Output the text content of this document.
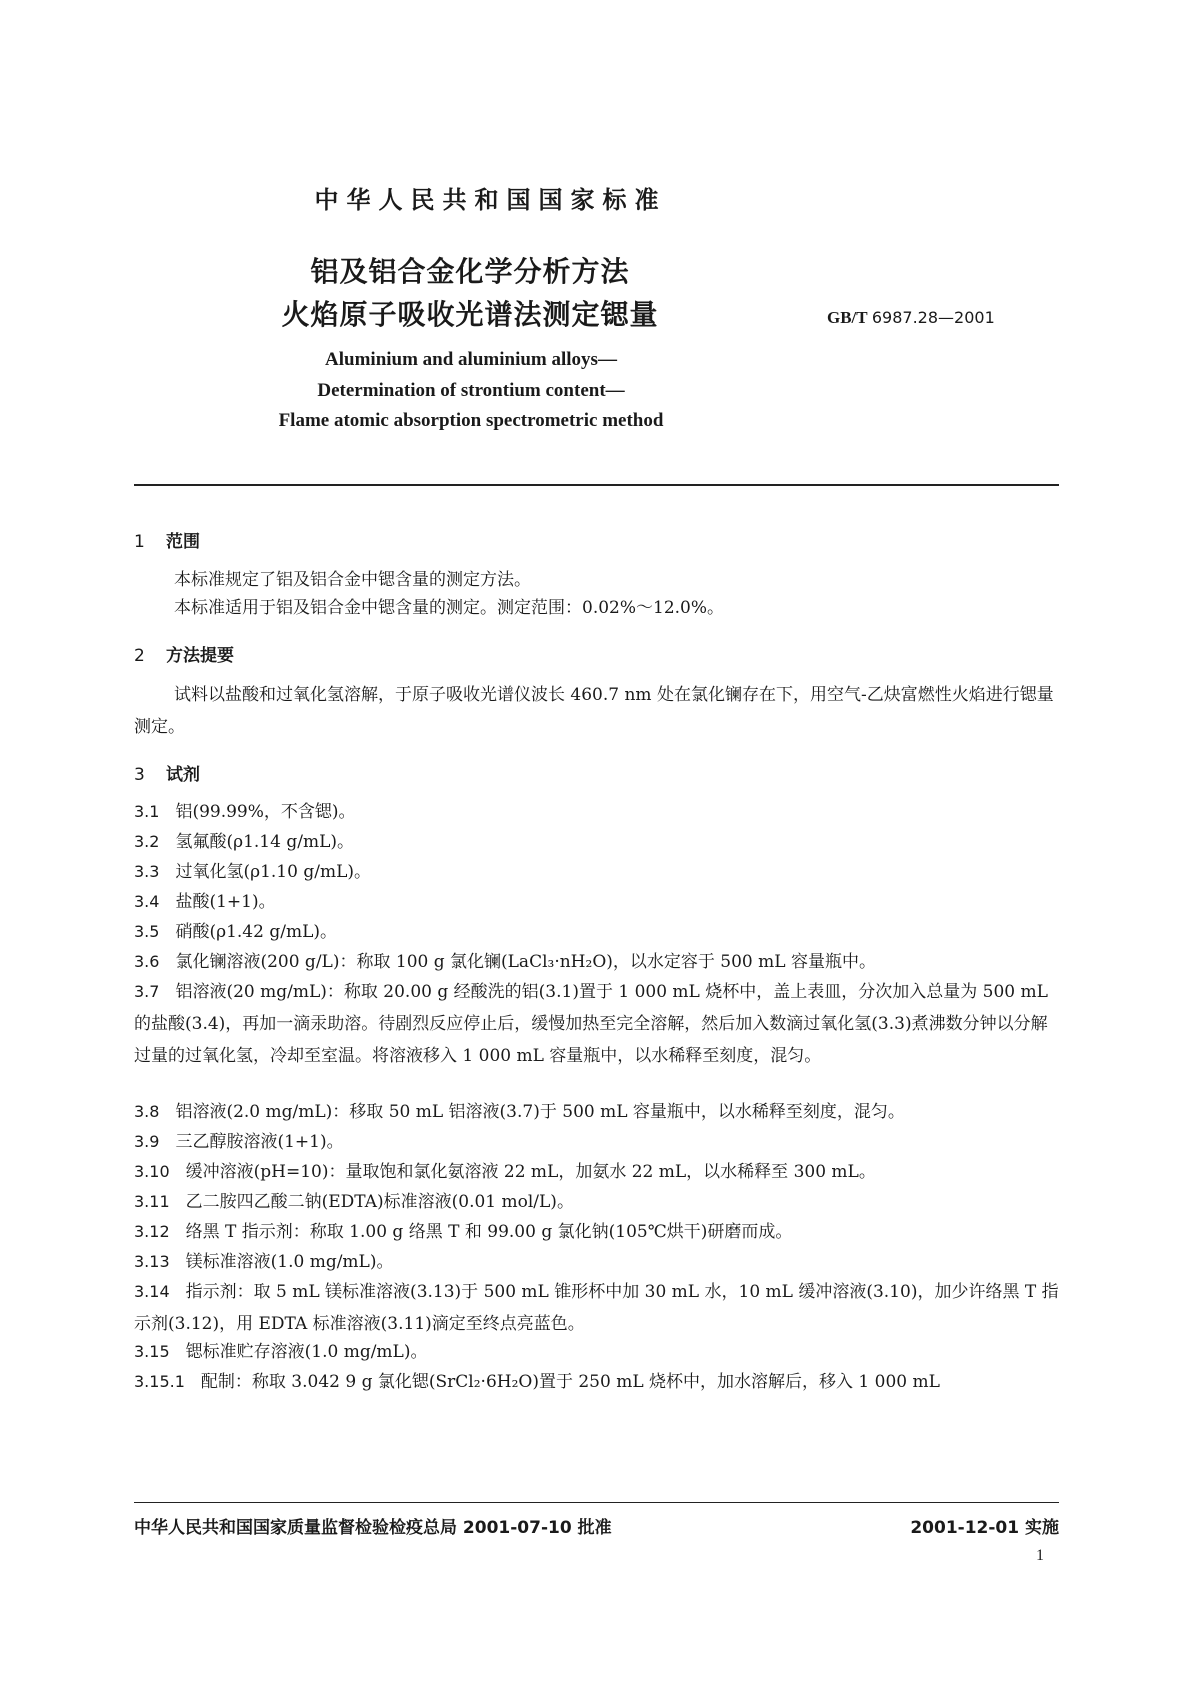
中华人民共和国国家标准
铝及铝合金化学分析方法
火焰原子吸收光谱法测定锶量	GB/T 6987.28—2001
Aluminium and aluminium alloys—
Determination of strontium content—
Flame atomic absorption spectrometric method
1 范围
本标准规定了铝及铝合金中锶含量的测定方法。
本标准适用于铝及铝合金中锶含量的测定。测定范围：0.02%～12.0%。
2 方法提要
试料以盐酸和过氧化氢溶解，于原子吸收光谱仪波长 460.7 nm 处在氯化镧存在下，用空气-乙炔富燃性火焰进行锶量测定。
3 试剂
3.1 铝(99.99%，不含锶)。
3.2 氢氟酸(ρ1.14 g/mL)。
3.3 过氧化氢(ρ1.10 g/mL)。
3.4 盐酸(1+1)。
3.5 硝酸(ρ1.42 g/mL)。
3.6 氯化镧溶液(200 g/L)：称取 100 g 氯化镧(LaCl₃·nH₂O)，以水定容于 500 mL 容量瓶中。
3.7 铝溶液(20 mg/mL)：称取 20.00 g 经酸洗的铝(3.1)置于 1 000 mL 烧杯中，盖上表皿，分次加入总量为 500 mL 的盐酸(3.4)，再加一滴汞助溶。待剧烈反应停止后，缓慢加热至完全溶解，然后加入数滴过氧化氢(3.3)煮沸数分钟以分解过量的过氧化氢，冷却至室温。将溶液移入 1 000 mL 容量瓶中，以水稀释至刻度，混匀。
3.8 铝溶液(2.0 mg/mL)：移取 50 mL 铝溶液(3.7)于 500 mL 容量瓶中，以水稀释至刻度，混匀。
3.9 三乙醇胺溶液(1+1)。
3.10 缓冲溶液(pH=10)：量取饱和氯化氨溶液 22 mL，加氨水 22 mL，以水稀释至 300 mL。
3.11 乙二胺四乙酸二钠(EDTA)标准溶液(0.01 mol/L)。
3.12 络黑 T 指示剂：称取 1.00 g 络黑 T 和 99.00 g 氯化钠(105℃烘干)研磨而成。
3.13 镁标准溶液(1.0 mg/mL)。
3.14 指示剂：取 5 mL 镁标准溶液(3.13)于 500 mL 锥形杯中加 30 mL 水，10 mL 缓冲溶液(3.10)，加少许络黑 T 指示剂(3.12)，用 EDTA 标准溶液(3.11)滴定至终点亮蓝色。
3.15 锶标准贮存溶液(1.0 mg/mL)。
3.15.1 配制：称取 3.042 9 g 氯化锶(SrCl₂·6H₂O)置于 250 mL 烧杯中，加水溶解后，移入 1 000 mL
中华人民共和国国家质量监督检验检疫总局 2001-07-10 批准	2001-12-01 实施
1
